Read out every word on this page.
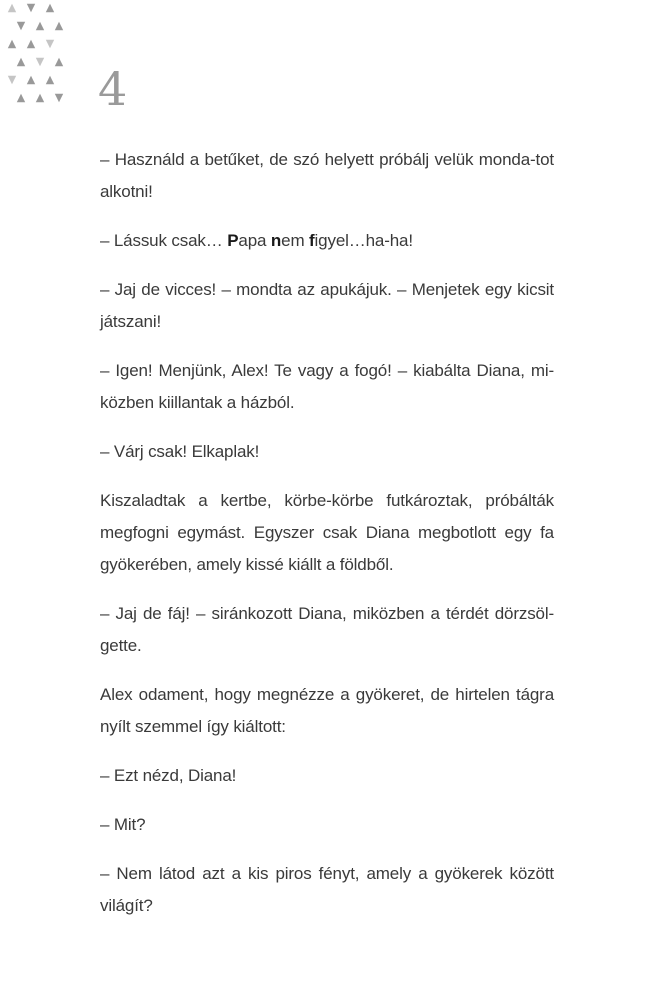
4

– Használd a betűket, de szó helyett próbálj velük monda-tot alkotni!

– Lássuk csak… Papa nem figyel…ha-ha!

– Jaj de vicces! – mondta az apukájuk. – Menjetek egy kicsit játszani!

– Igen! Menjünk, Alex! Te vagy a fogó! – kiabálta Diana, mi-közben kiillantak a házból.

– Várj csak! Elkaplak!

Kiszaladtak a kertbe, körbe-körbe futkároztak, próbálták megfogni egymást. Egyszer csak Diana megbotlott egy fa gyökerében, amely kissé kiállt a földből.

– Jaj de fáj! – siránkozott Diana, miközben a térdét dörzsöl-gette.

Alex odament, hogy megnézze a gyökeret, de hirtelen tágra nyílt szemmel így kiáltott:

– Ezt nézd, Diana!

– Mit?

– Nem látod azt a kis piros fényt, amely a gyökerek között világít?
